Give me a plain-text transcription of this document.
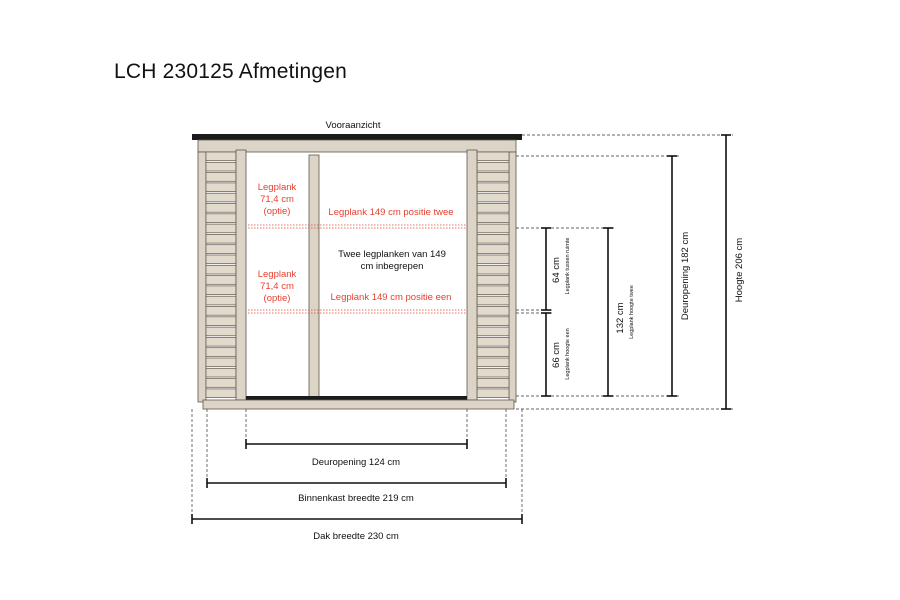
LCH 230125 Afmetingen
Vooraanzicht
Legplank
71,4 cm
(optie)
Legplank
71,4 cm
(optie)
Legplank 149 cm positie twee
Legplank 149 cm positie een
Twee legplanken van 149
cm inbegrepen	64 cm Legplank tussen ruimte
66 cm Legplank hoogte een
132 cm Legplank hoogte twee	Deuropening 182 cm	Hoogte 206 cm
Deuropening 124 cm
Binnenkast breedte 219 cm
Dak breedte 230 cm
